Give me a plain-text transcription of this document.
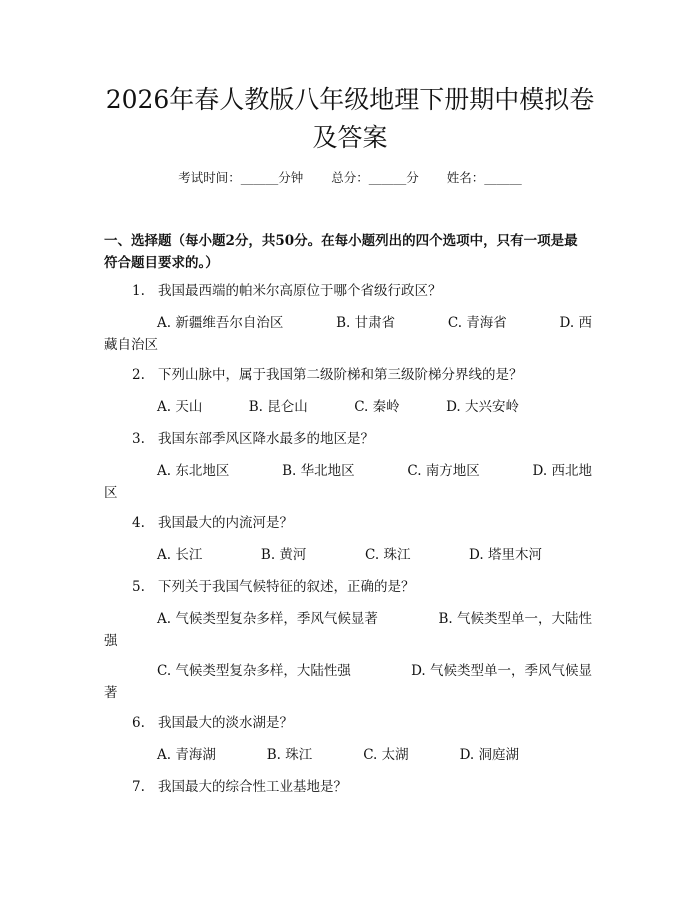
2026年春人教版八年级地理下册期中模拟卷
及答案
考试时间：______分钟 总分：______分 姓名：______
一、选择题（每小题2分，共50分。在每小题列出的四个选项中，只有一项是最
符合题目要求的。）
1. 我国最西端的帕米尔高原位于哪个省级行政区？
A. 新疆维吾尔自治区	B. 甘肃省	C. 青海省	D. 西
藏自治区
2. 下列山脉中，属于我国第二级阶梯和第三级阶梯分界线的是？
A. 天山	B. 昆仑山	C. 秦岭	D. 大兴安岭
3. 我国东部季风区降水最多的地区是？
A. 东北地区	B. 华北地区	C. 南方地区	D. 西北地
区
4. 我国最大的内流河是？
A. 长江	B. 黄河	C. 珠江	D. 塔里木河
5. 下列关于我国气候特征的叙述，正确的是？
A. 气候类型复杂多样，季风气候显著	B. 气候类型单一，大陆性
强
C. 气候类型复杂多样，大陆性强	D. 气候类型单一，季风气候显
著
6. 我国最大的淡水湖是？
A. 青海湖	B. 珠江	C. 太湖	D. 洞庭湖
7. 我国最大的综合性工业基地是？
